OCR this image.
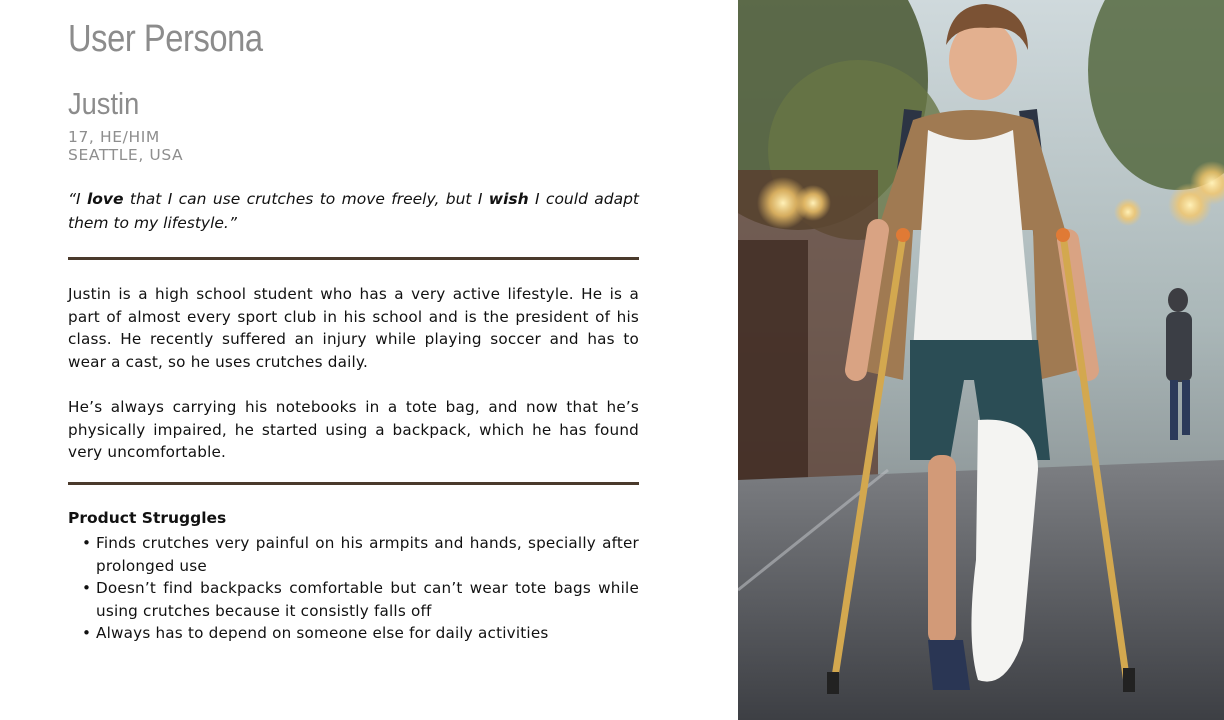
User Persona
Justin
17, HE/HIM
SEATTLE, USA
“I love that I can use crutches to move freely, but I wish I could adapt them to my lifestyle.”
Justin is a high school student who has a very active lifestyle. He is a part of almost every sport club in his school and is the president of his class. He recently suffered an injury while playing soccer and has to wear a cast, so he uses crutches daily.
He’s always carrying his notebooks in a tote bag, and now that he’s physically impaired, he started using a backpack, which he has found very uncomfortable.
Product Struggles
• Finds crutches very painful on his armpits and hands, specially after prolonged use
• Doesn’t find backpacks comfortable but can’t wear tote bags while using crutches because it consistly falls off
• Always has to depend on someone else for daily activities
